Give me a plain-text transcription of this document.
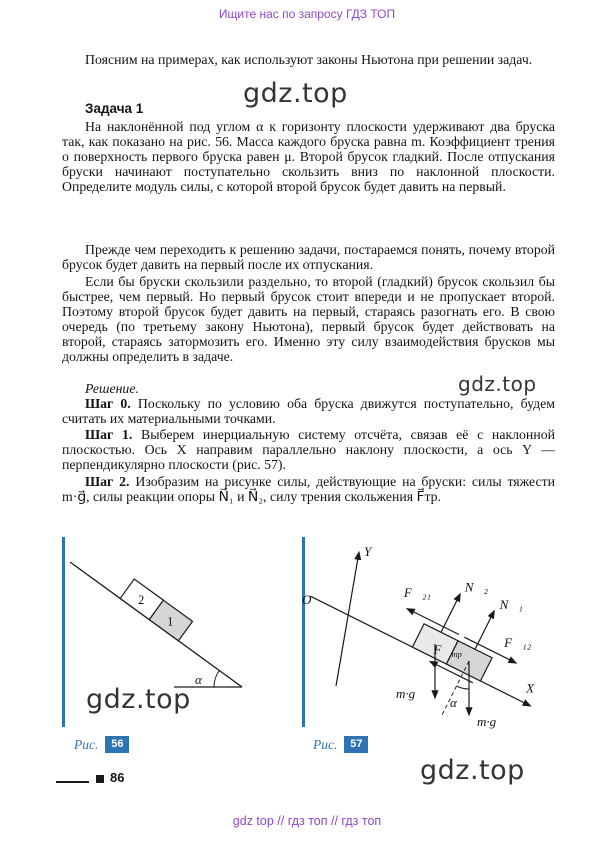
Ищите нас по запросу ГДЗ ТОП

Поясним на примерах, как используют законы Ньютона при решении задач.

Задача 1

На наклонённой под углом α к горизонту плоскости удерживают два бруска так, как показано на рис. 56. Масса каждого бруска равна m. Коэффициент трения о поверхность первого бруска равен μ. Второй брусок гладкий. После отпускания бруски начинают поступательно скользить вниз по наклонной плоскости. Определите модуль силы, с которой второй брусок будет давить на первый.

Прежде чем переходить к решению задачи, постараемся понять, почему второй брусок будет давить на первый после их отпускания.

Если бы бруски скользили раздельно, то второй (гладкий) брусок скользил бы быстрее, чем первый. Но первый брусок стоит впереди и не пропускает второй. Поэтому второй брусок будет давить на первый, стараясь разогнать его. В свою очередь (по третьему закону Ньютона), первый брусок будет действовать на второй, стараясь затормозить его. Именно эту силу взаимодействия брусков мы должны определить в задаче.

Решение.

Шаг 0. Поскольку по условию оба бруска движутся поступательно, будем считать их материальными точками.

Шаг 1. Выберем инерциальную систему отсчёта, связав её с наклонной плоскостью. Ось X направим параллельно наклону плоскости, а ось Y — перпендикулярно плоскости (рис. 57).

Шаг 2. Изобразим на рисунке силы, действующие на бруски: силы тяжести m·g⃗, силы реакции опоры N⃗₁ и N⃗₂, силу трения скольжения F⃗тр.

α
2
1
Рис.	56
O
Y
X
N⃗₂
N⃗₁
F⃗₂₁
F⃗₁₂
$F⃗_{тр}$
m·g⃗
m·g⃗
α
Рис.	57
gdz.top
gdz.top
gdz.top
gdz.top
86
gdz top // гдз топ // гдз топ
